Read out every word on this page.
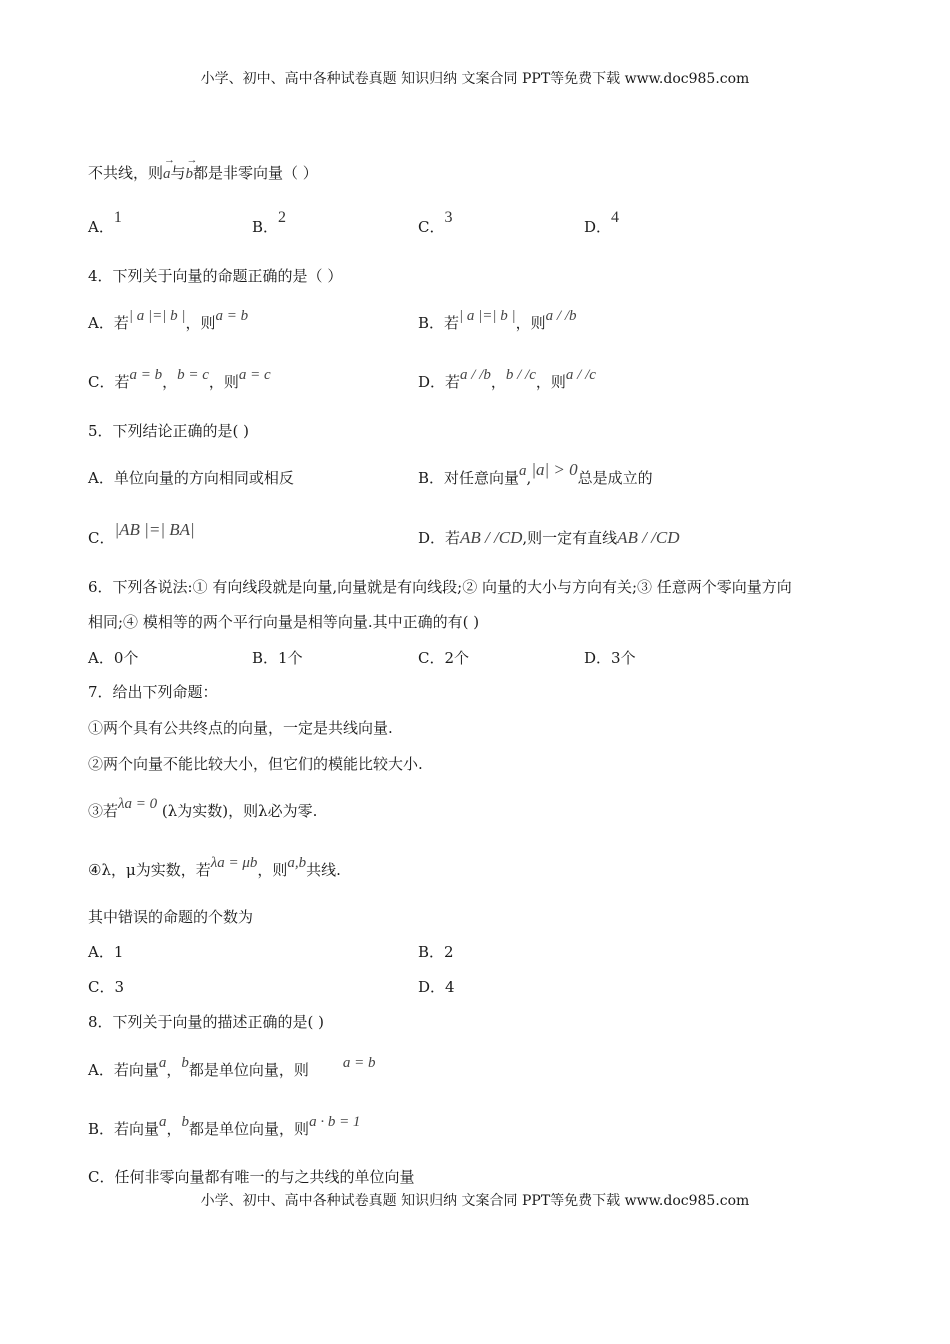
小学、初中、高中各种试卷真题 知识归纳 文案合同 PPT等免费下载 www.doc985.com
不共线，则→ a与→ b都是非零向量（ ）
A．1
B．2
C．3
D．4
4．下列关于向量的命题正确的是（ ）
A．若| a |=| b |，则a = b	B．若| a |=| b |，则a / /b
C．若a = b，b = c，则a = c	D．若a / /b，b / /c，则a / /c
5．下列结论正确的是( )
A．单位向量的方向相同或相反	B．对任意向量a,|a| > 0总是成立的
C．|AB |=| BA|	D．若AB / /CD,则一定有直线AB / /CD
6．下列各说法:① 有向线段就是向量,向量就是有向线段;② 向量的大小与方向有关;③ 任意两个零向量方向
相同;④ 模相等的两个平行向量是相等向量.其中正确的有( )
A．0个	B．1个	C．2个	D．3个
7．给出下列命题：
①两个具有公共终点的向量，一定是共线向量.
②两个向量不能比较大小，但它们的模能比较大小.
③若λa = 0 (λ为实数)，则λ必为零.
④λ，μ为实数，若λa = μb，则a,b共线.
其中错误的命题的个数为
A．1	B．2
C．3	D．4
8．下列关于向量的描述正确的是( )
A．若向量a，b都是单位向量，则 a = b
B．若向量a，b都是单位向量，则a · b = 1
C．任何非零向量都有唯一的与之共线的单位向量
小学、初中、高中各种试卷真题 知识归纳 文案合同 PPT等免费下载 www.doc985.com
